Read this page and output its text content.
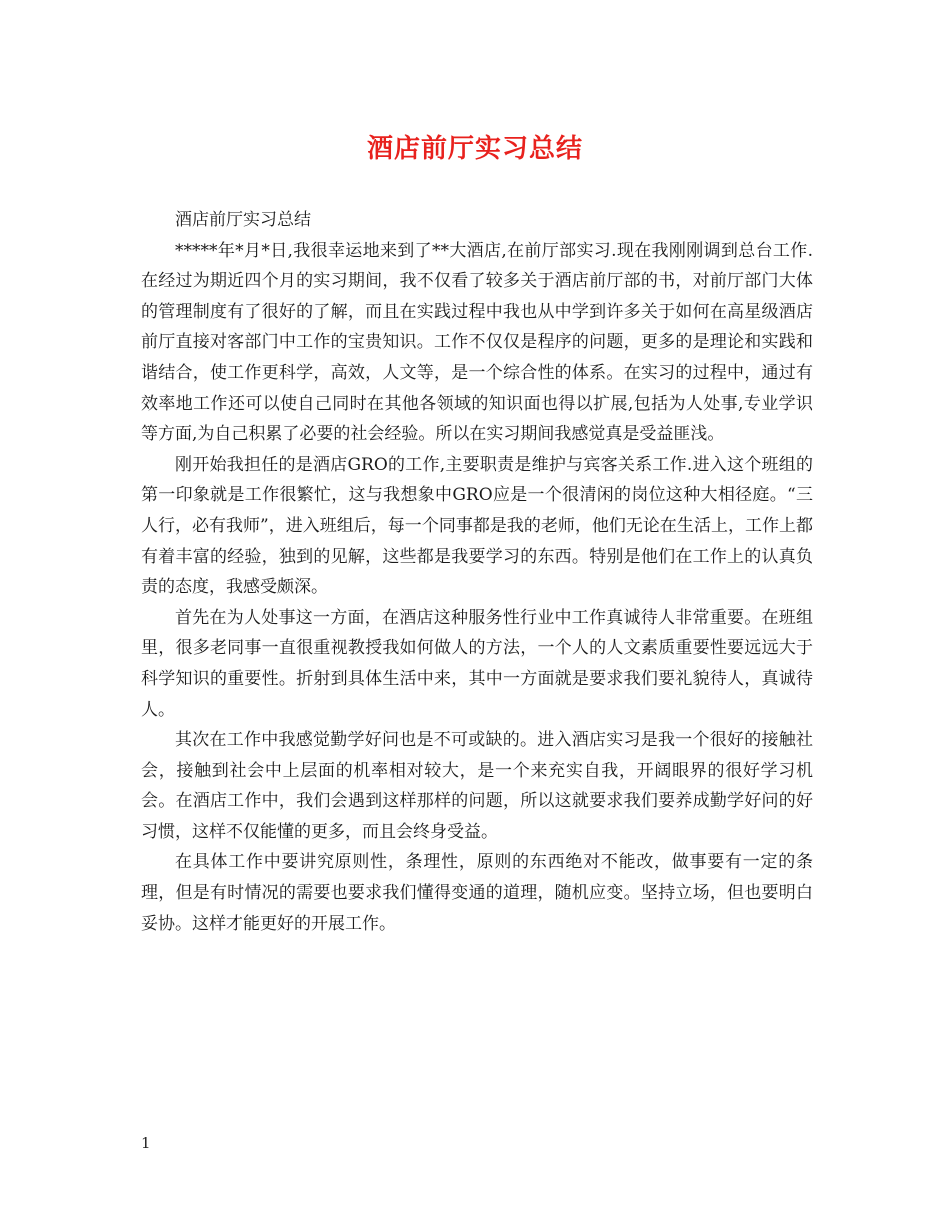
酒店前厅实习总结

酒店前厅实习总结

*****年*月*日,我很幸运地来到了**大酒店,在前厅部实习.现在我刚刚调到总台工作.在经过为期近四个月的实习期间，我不仅看了较多关于酒店前厅部的书，对前厅部门大体的管理制度有了很好的了解，而且在实践过程中我也从中学到许多关于如何在高星级酒店前厅直接对客部门中工作的宝贵知识。工作不仅仅是程序的问题，更多的是理论和实践和谐结合，使工作更科学，高效，人文等，是一个综合性的体系。在实习的过程中，通过有效率地工作还可以使自己同时在其他各领域的知识面也得以扩展,包括为人处事,专业学识等方面,为自己积累了必要的社会经验。所以在实习期间我感觉真是受益匪浅。

刚开始我担任的是酒店GRO的工作,主要职责是维护与宾客关系工作.进入这个班组的第一印象就是工作很繁忙，这与我想象中GRO应是一个很清闲的岗位这种大相径庭。“三人行，必有我师”，进入班组后，每一个同事都是我的老师，他们无论在生活上，工作上都有着丰富的经验，独到的见解，这些都是我要学习的东西。特别是他们在工作上的认真负责的态度，我感受颇深。

首先在为人处事这一方面，在酒店这种服务性行业中工作真诚待人非常重要。在班组里，很多老同事一直很重视教授我如何做人的方法，一个人的人文素质重要性要远远大于科学知识的重要性。折射到具体生活中来，其中一方面就是要求我们要礼貌待人，真诚待人。

其次在工作中我感觉勤学好问也是不可或缺的。进入酒店实习是我一个很好的接触社会，接触到社会中上层面的机率相对较大，是一个来充实自我，开阔眼界的很好学习机会。在酒店工作中，我们会遇到这样那样的问题，所以这就要求我们要养成勤学好问的好习惯，这样不仅能懂的更多，而且会终身受益。

在具体工作中要讲究原则性，条理性，原则的东西绝对不能改，做事要有一定的条理，但是有时情况的需要也要求我们懂得变通的道理，随机应变。坚持立场，但也要明白妥协。这样才能更好的开展工作。

1
